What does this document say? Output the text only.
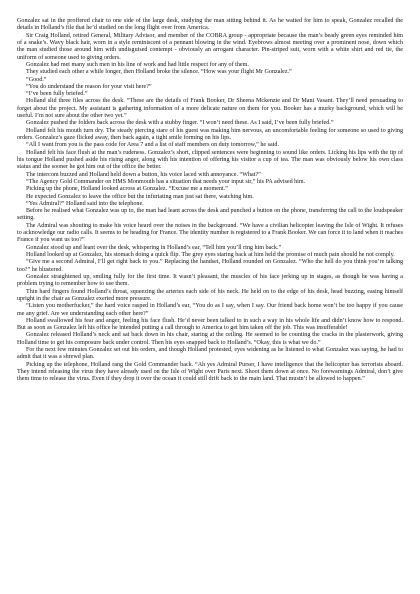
Gonzalez sat in the proffered chair to one side of the large desk, studying the man sitting behind it. As he waited for him to speak, Gonzalez recalled the details in Holland’s file that he’d studied on the long flight over from America.

Sir Craig Holland, retired General, Military Advisor, and member of the COBRA group - appropriate because the man’s beady green eyes reminded him of a snake’s. Wavy black hair, worn in a style reminiscent of a pennant blowing in the wind. Eyebrows almost meeting over a prominent nose, down which the man studied those around him with undisguised contempt - obviously an arrogant character. Pin-striped suit, worn with a white shirt and red tie, the uniform of someone used to giving orders.

Gonzalez had met many such men in his line of work and had little respect for any of them.

They studied each other a while longer, then Holland broke the silence. “How was your flight Mr Gonzalez.”

“Good.”

“You do understand the reason for your visit here?”

“I’ve been fully briefed.”

Holland slid three files across the desk. “These are the details of Frank Booker, Dr Sheena Mckenzie and Dr Mani Vasant. They’ll need persuading to forget about the project. My assistant is gathering information of a more delicate nature on them for you. Booker has a murky background, which will be useful. I’m not sure about the other two yet.”

Gonzalez pushed the folders back across the desk with a stubby finger. “I won’t need these. As I said, I’ve been fully briefed.”

Holland felt his mouth turn dry. The steady piercing stare of his guest was making him nervous, an uncomfortable feeling for someone so used to giving orders. Gonzalez’s gaze flicked away, then back again, a tight smile forming on his lips.

“All I want from you is the pass code for Area 7 and a list of staff members on duty tomorrow,” he said.

Holland felt his face flush at the man’s rudeness. Gonzalez’s short, clipped sentences were beginning to sound like orders. Licking his lips with the tip of his tongue Holland pushed aside his rising anger, along with his intention of offering his visitor a cup of tea. The man was obviously below his own class status and the sooner he got him out of the office the better.

The intercom buzzed and Holland held down a button, his voice laced with annoyance. “What?”

“The Agency Gold Commander on HMS Monmouth has a situation that needs your input sir,” his PA advised him.

Picking up the phone, Holland looked across at Gonzalez. “Excuse me a moment.”

He expected Gonzalez to leave the office but the infuriating man just sat there, watching him.

“Yes Admiral?” Holland said into the telephone.

Before he realised what Gonzalez was up to, the man had leant across the desk and punched a button on the phone, transferring the call to the loudspeaker setting.

The Admiral was shouting to make his voice heard over the noises in the background. “We have a civilian helicopter leaving the Isle of Wight. It refuses to acknowledge our radio calls. It seems to be heading for France. The identity number is registered to a Frank Booker. We can force it to land when it reaches France if you want us too?”

Gonzalez stood up and leant over the desk, whispering in Holland’s ear, “Tell him you’ll ring him back.”

Holland looked up at Gonzalez, his stomach doing a quick flip. The grey eyes staring back at him held the promise of much pain should he not comply.

“Give me a second Admiral, I’ll get right back to you.” Replacing the handset, Holland rounded on Gonzalez. “Who the hell do you think you’re talking too?” he blustered.

Gonzalez straightened up, smiling fully for the first time. It wasn’t pleasant, the muscles of his face jerking up in stages, as though he was having a problem trying to remember how to use them.

Thin hard fingers found Holland’s throat, squeezing the arteries each side of his neck. He held on to the edge of his desk, head buzzing, easing himself upright in the chair as Gonzalez exerted more pressure.

“Listen you motherfucker,” the hard voice rasped in Holland’s ear, “You do as I say, when I say. Our friend back home won’t be too happy if you cause me any grief. Are we understanding each other here?”

Holland swallowed his fear and anger, feeling his face flush. He’d never been talked to in such a way in his whole life and didn’t know how to respond. But as soon as Gonzalez left his office he intended putting a call through to America to get him taken off the job. This was insufferable!

Gonzalez released Holland’s neck and sat back down in his chair, staring at the ceiling. He seemed to be counting the cracks in the plasterwork, giving Holland time to get his composure back under control. Then his eyes snapped back to Holland’s. “Okay, this is what we do.”

For the next few minutes Gonzalez set out his orders, and though Holland protested, eyes widening as he listened to what Gonzalez was saying, he had to admit that it was a shrewd plan.

Picking up the telephone, Holland rang the Gold Commander back. “Ah yes Admiral Purser, I have intelligence that the helicopter has terrorists aboard. They intend releasing the virus they have already used on the Isle of Wight over Paris next. Shoot them down at once. No forewarnings Admiral, don’t give them time to release the virus. Even if they drop it over the ocean it could still drift back to the main land. That mustn’t be allowed to happen.”
